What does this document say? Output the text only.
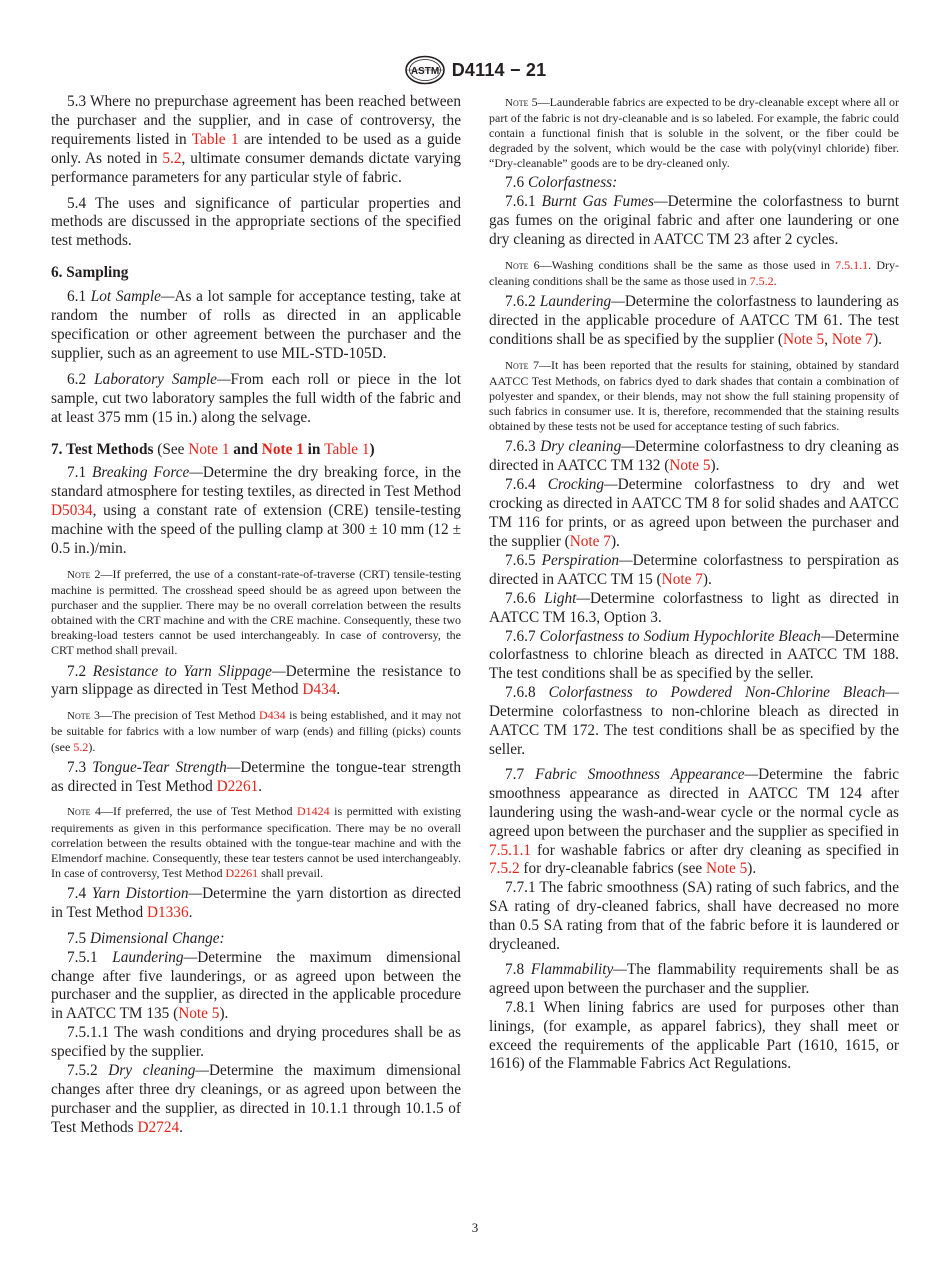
ASTM D4114 − 21

5.3 Where no prepurchase agreement has been reached between the purchaser and the supplier, and in case of controversy, the requirements listed in Table 1 are intended to be used as a guide only. As noted in 5.2, ultimate consumer demands dictate varying performance parameters for any particular style of fabric.

5.4 The uses and significance of particular properties and methods are discussed in the appropriate sections of the specified test methods.

6. Sampling

6.1 Lot Sample—As a lot sample for acceptance testing, take at random the number of rolls as directed in an applicable specification or other agreement between the purchaser and the supplier, such as an agreement to use MIL-STD-105D.

6.2 Laboratory Sample—From each roll or piece in the lot sample, cut two laboratory samples the full width of the fabric and at least 375 mm (15 in.) along the selvage.

7. Test Methods (See Note 1 and Note 1 in Table 1)

7.1 Breaking Force—Determine the dry breaking force, in the standard atmosphere for testing textiles, as directed in Test Method D5034, using a constant rate of extension (CRE) tensile-testing machine with the speed of the pulling clamp at 300 ± 10 mm (12 ± 0.5 in.)/min.

Note 2—If preferred, the use of a constant-rate-of-traverse (CRT) tensile-testing machine is permitted. The crosshead speed should be as agreed upon between the purchaser and the supplier. There may be no overall correlation between the results obtained with the CRT machine and with the CRE machine. Consequently, these two breaking-load testers cannot be used interchangeably. In case of controversy, the CRT method shall prevail.

7.2 Resistance to Yarn Slippage—Determine the resistance to yarn slippage as directed in Test Method D434.

Note 3—The precision of Test Method D434 is being established, and it may not be suitable for fabrics with a low number of warp (ends) and filling (picks) counts (see 5.2).

7.3 Tongue-Tear Strength—Determine the tongue-tear strength as directed in Test Method D2261.

Note 4—If preferred, the use of Test Method D1424 is permitted with existing requirements as given in this performance specification. There may be no overall correlation between the results obtained with the tongue-tear machine and with the Elmendorf machine. Consequently, these tear testers cannot be used interchangeably. In case of controversy, Test Method D2261 shall prevail.

7.4 Yarn Distortion—Determine the yarn distortion as directed in Test Method D1336.

7.5 Dimensional Change:

7.5.1 Laundering—Determine the maximum dimensional change after five launderings, or as agreed upon between the purchaser and the supplier, as directed in the applicable procedure in AATCC TM 135 (Note 5).

7.5.1.1 The wash conditions and drying procedures shall be as specified by the supplier.

7.5.2 Dry cleaning—Determine the maximum dimensional changes after three dry cleanings, or as agreed upon between the purchaser and the supplier, as directed in 10.1.1 through 10.1.5 of Test Methods D2724.

Note 5—Launderable fabrics are expected to be dry-cleanable except where all or part of the fabric is not dry-cleanable and is so labeled. For example, the fabric could contain a functional finish that is soluble in the solvent, or the fiber could be degraded by the solvent, which would be the case with poly(vinyl chloride) fiber. “Dry-cleanable” goods are to be dry-cleaned only.

7.6 Colorfastness:

7.6.1 Burnt Gas Fumes—Determine the colorfastness to burnt gas fumes on the original fabric and after one laundering or one dry cleaning as directed in AATCC TM 23 after 2 cycles.

Note 6—Washing conditions shall be the same as those used in 7.5.1.1. Dry-cleaning conditions shall be the same as those used in 7.5.2.

7.6.2 Laundering—Determine the colorfastness to laundering as directed in the applicable procedure of AATCC TM 61. The test conditions shall be as specified by the supplier (Note 5, Note 7).

Note 7—It has been reported that the results for staining, obtained by standard AATCC Test Methods, on fabrics dyed to dark shades that contain a combination of polyester and spandex, or their blends, may not show the full staining propensity of such fabrics in consumer use. It is, therefore, recommended that the staining results obtained by these tests not be used for acceptance testing of such fabrics.

7.6.3 Dry cleaning—Determine colorfastness to dry cleaning as directed in AATCC TM 132 (Note 5).

7.6.4 Crocking—Determine colorfastness to dry and wet crocking as directed in AATCC TM 8 for solid shades and AATCC TM 116 for prints, or as agreed upon between the purchaser and the supplier (Note 7).

7.6.5 Perspiration—Determine colorfastness to perspiration as directed in AATCC TM 15 (Note 7).

7.6.6 Light—Determine colorfastness to light as directed in AATCC TM 16.3, Option 3.

7.6.7 Colorfastness to Sodium Hypochlorite Bleach—Determine colorfastness to chlorine bleach as directed in AATCC TM 188. The test conditions shall be as specified by the seller.

7.6.8 Colorfastness to Powdered Non-Chlorine Bleach—Determine colorfastness to non-chlorine bleach as directed in AATCC TM 172. The test conditions shall be as specified by the seller.

7.7 Fabric Smoothness Appearance—Determine the fabric smoothness appearance as directed in AATCC TM 124 after laundering using the wash-and-wear cycle or the normal cycle as agreed upon between the purchaser and the supplier as specified in 7.5.1.1 for washable fabrics or after dry cleaning as specified in 7.5.2 for dry-cleanable fabrics (see Note 5).

7.7.1 The fabric smoothness (SA) rating of such fabrics, and the SA rating of dry-cleaned fabrics, shall have decreased no more than 0.5 SA rating from that of the fabric before it is laundered or drycleaned.

7.8 Flammability—The flammability requirements shall be as agreed upon between the purchaser and the supplier.

7.8.1 When lining fabrics are used for purposes other than linings, (for example, as apparel fabrics), they shall meet or exceed the requirements of the applicable Part (1610, 1615, or 1616) of the Flammable Fabrics Act Regulations.

3
